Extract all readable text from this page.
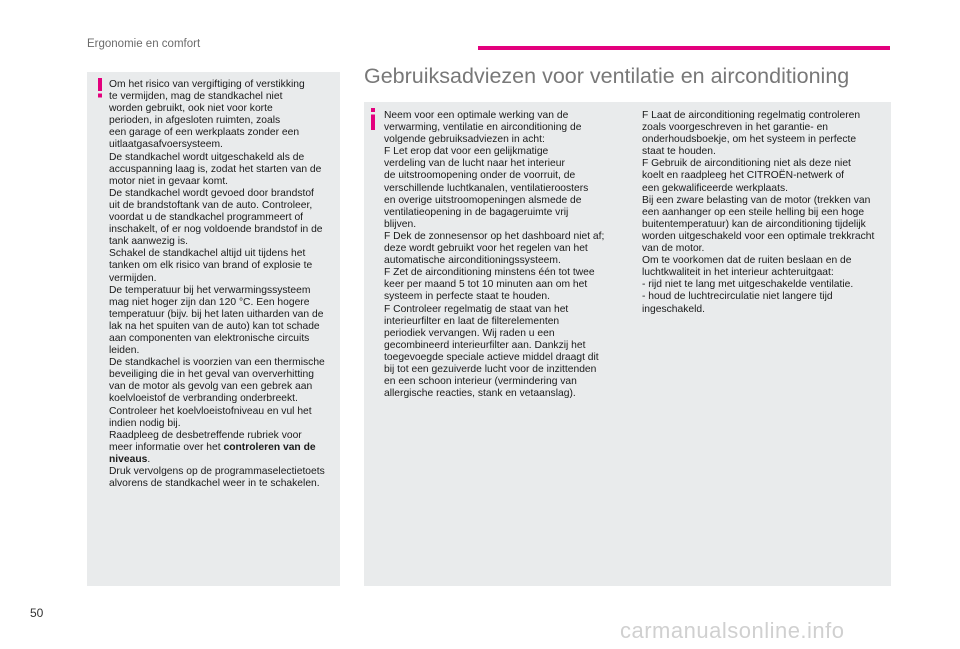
Ergonomie en comfort
Om het risico van vergiftiging of verstikking
te vermijden, mag de standkachel niet
worden gebruikt, ook niet voor korte
perioden, in afgesloten ruimten, zoals
een garage of een werkplaats zonder een
uitlaatgasafvoersysteem.
De standkachel wordt uitgeschakeld als de
accuspanning laag is, zodat het starten van de
motor niet in gevaar komt.
De standkachel wordt gevoed door brandstof
uit de brandstoftank van de auto. Controleer,
voordat u de standkachel programmeert of
inschakelt, of er nog voldoende brandstof in de
tank aanwezig is.
Schakel de standkachel altijd uit tijdens het
tanken om elk risico van brand of explosie te
vermijden.
De temperatuur bij het verwarmingssysteem
mag niet hoger zijn dan 120 °C. Een hogere
temperatuur (bijv. bij het laten uitharden van de
lak na het spuiten van de auto) kan tot schade
aan componenten van elektronische circuits
leiden.
De standkachel is voorzien van een thermische
beveiliging die in het geval van oververhitting
van de motor als gevolg van een gebrek aan
koelvloeistof de verbranding onderbreekt.
Controleer het koelvloeistofniveau en vul het
indien nodig bij.
Raadpleeg de desbetreffende rubriek voor
meer informatie over het controleren van de
niveaus.
Druk vervolgens op de programmaselectietoets
alvorens de standkachel weer in te schakelen.
Gebruiksadviezen voor ventilatie en airconditioning
Neem voor een optimale werking van de
verwarming, ventilatie en airconditioning de
volgende gebruiksadviezen in acht:
F Let erop dat voor een gelijkmatige
verdeling van de lucht naar het interieur
de uitstroomopening onder de voorruit, de
verschillende luchtkanalen, ventilatieroosters
en overige uitstroomopeningen alsmede de
ventilatieopening in de bagageruimte vrij
blijven.
F Dek de zonnesensor op het dashboard niet af;
deze wordt gebruikt voor het regelen van het
automatische airconditioningssysteem.
F Zet de airconditioning minstens één tot twee
keer per maand 5 tot 10 minuten aan om het
systeem in perfecte staat te houden.
F Controleer regelmatig de staat van het
interieurfilter en laat de filterelementen
periodiek vervangen. Wij raden u een
gecombineerd interieurfilter aan. Dankzij het
toegevoegde speciale actieve middel draagt dit
bij tot een gezuiverde lucht voor de inzittenden
en een schoon interieur (vermindering van
allergische reacties, stank en vetaanslag).
F Laat de airconditioning regelmatig controleren
zoals voorgeschreven in het garantie- en
onderhoudsboekje, om het systeem in perfecte
staat te houden.
F Gebruik de airconditioning niet als deze niet
koelt en raadpleeg het CITROËN-netwerk of
een gekwalificeerde werkplaats.
Bij een zware belasting van de motor (trekken van
een aanhanger op een steile helling bij een hoge
buitentemperatuur) kan de airconditioning tijdelijk
worden uitgeschakeld voor een optimale trekkracht
van de motor.
Om te voorkomen dat de ruiten beslaan en de
luchtkwaliteit in het interieur achteruitgaat:
- rijd niet te lang met uitgeschakelde ventilatie.
- houd de luchtrecirculatie niet langere tijd
ingeschakeld.
50
carmanualsonline.info
